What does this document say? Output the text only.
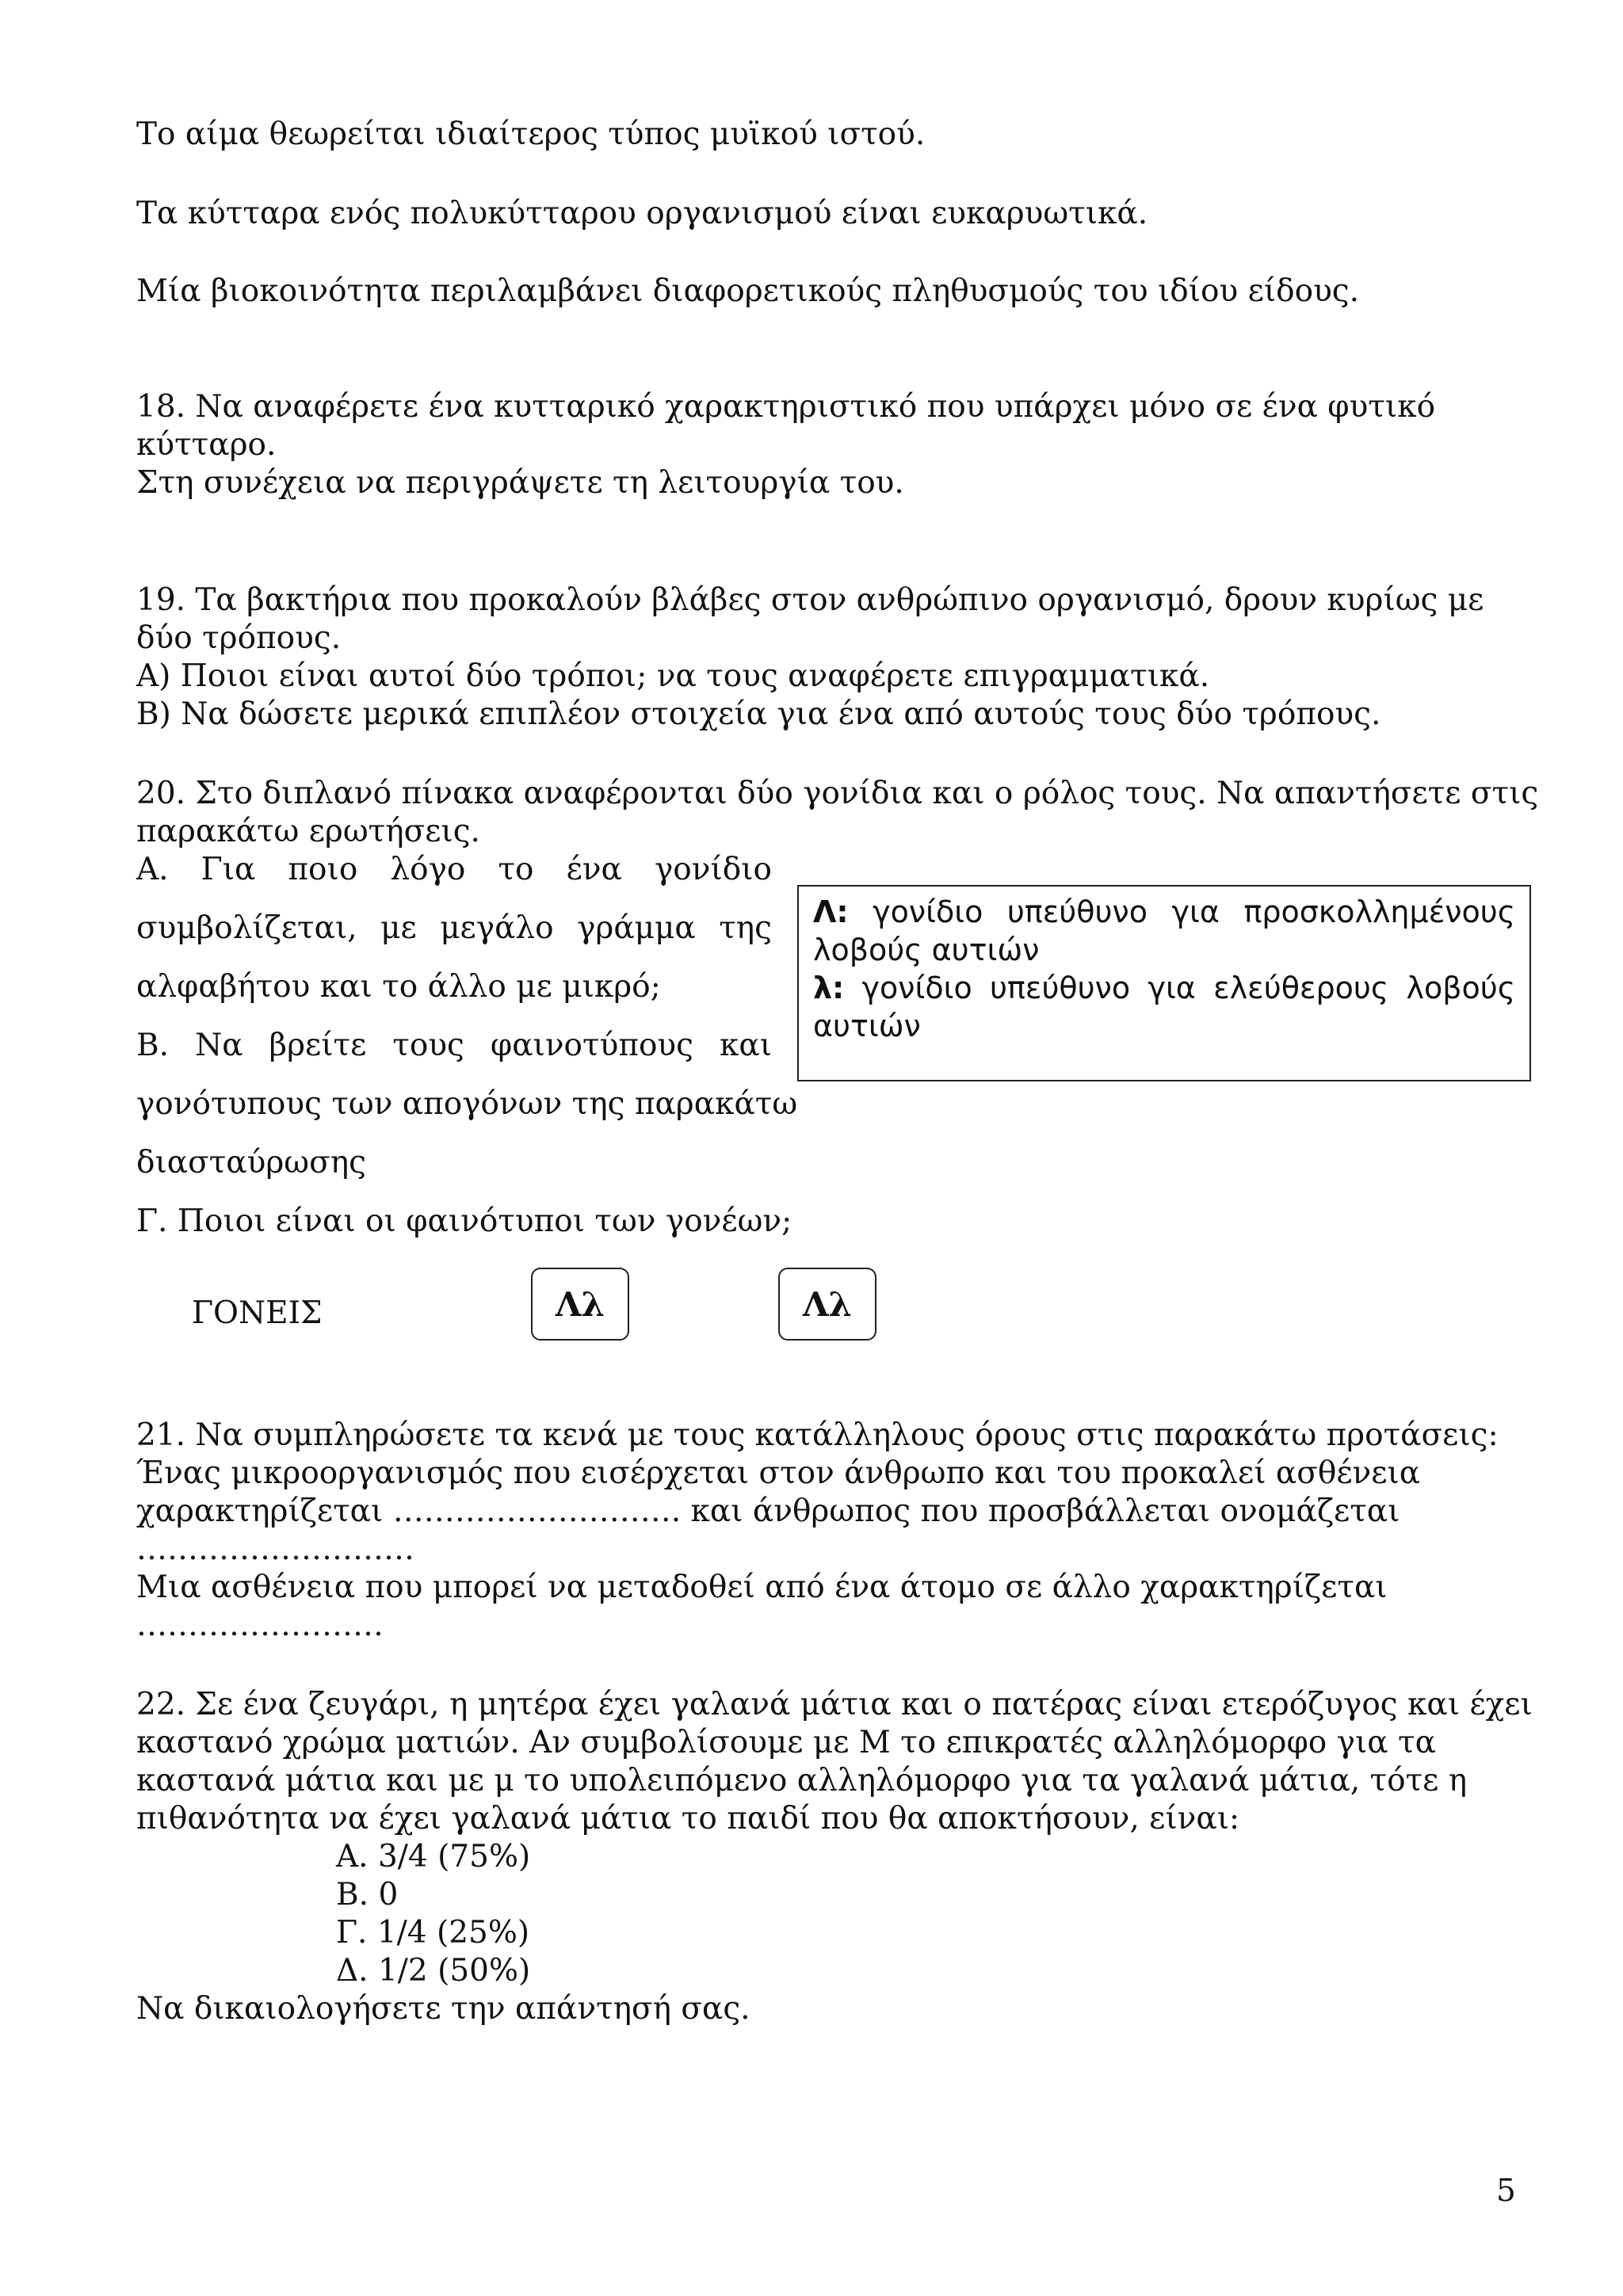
Το αίμα θεωρείται ιδιαίτερος τύπος μυϊκού ιστού.
Τα κύτταρα ενός πολυκύτταρου οργανισμού είναι ευκαρυωτικά.
Μία βιοκοινότητα περιλαμβάνει διαφορετικούς πληθυσμούς του ιδίου είδους.
18. Να αναφέρετε ένα κυτταρικό χαρακτηριστικό που υπάρχει μόνο σε ένα φυτικό
κύτταρο.
Στη συνέχεια να περιγράψετε τη λειτουργία του.
19. Τα βακτήρια που προκαλούν βλάβες στον ανθρώπινο οργανισμό, δρουν κυρίως με
δύο τρόπους.
Α) Ποιοι είναι αυτοί δύο τρόποι; να τους αναφέρετε επιγραμματικά.
Β) Να δώσετε μερικά επιπλέον στοιχεία για ένα από αυτούς τους δύο τρόπους.
20. Στο διπλανό πίνακα αναφέρονται δύο γονίδια και ο ρόλος τους. Να απαντήσετε στις
παρακάτω ερωτήσεις.
Α. Για ποιο λόγο το ένα γονίδιο
συμβολίζεται, με μεγάλο γράμμα της
αλφαβήτου και το άλλο με μικρό;
Β. Να βρείτε τους φαινοτύπους και
γονότυπους των απογόνων της παρακάτω
διασταύρωσης
Γ. Ποιοι είναι οι φαινότυποι των γονέων;
Λ: γονίδιο υπεύθυνο για προσκολλημένους
λοβούς αυτιών
λ: γονίδιο υπεύθυνο για ελεύθερους λοβούς
αυτιών
ΓΟΝΕΙΣ	Λλ	Λλ
21. Να συμπληρώσετε τα κενά με τους κατάλληλους όρους στις παρακάτω προτάσεις:
Ένας μικροοργανισμός που εισέρχεται στον άνθρωπο και του προκαλεί ασθένεια
χαρακτηρίζεται ………………………. και άνθρωπος που προσβάλλεται ονομάζεται
………………………
Μια ασθένεια που μπορεί να μεταδοθεί από ένα άτομο σε άλλο χαρακτηρίζεται
……………………
22. Σε ένα ζευγάρι, η μητέρα έχει γαλανά μάτια και ο πατέρας είναι ετερόζυγος και έχει
καστανό χρώμα ματιών. Αν συμβολίσουμε με Μ το επικρατές αλληλόμορφο για τα
καστανά μάτια και με μ το υπολειπόμενο αλληλόμορφο για τα γαλανά μάτια, τότε η
πιθανότητα να έχει γαλανά μάτια το παιδί που θα αποκτήσουν, είναι:
Α. 3/4 (75%)
Β. 0
Γ. 1/4 (25%)
Δ. 1/2 (50%)
Να δικαιολογήσετε την απάντησή σας.
5
